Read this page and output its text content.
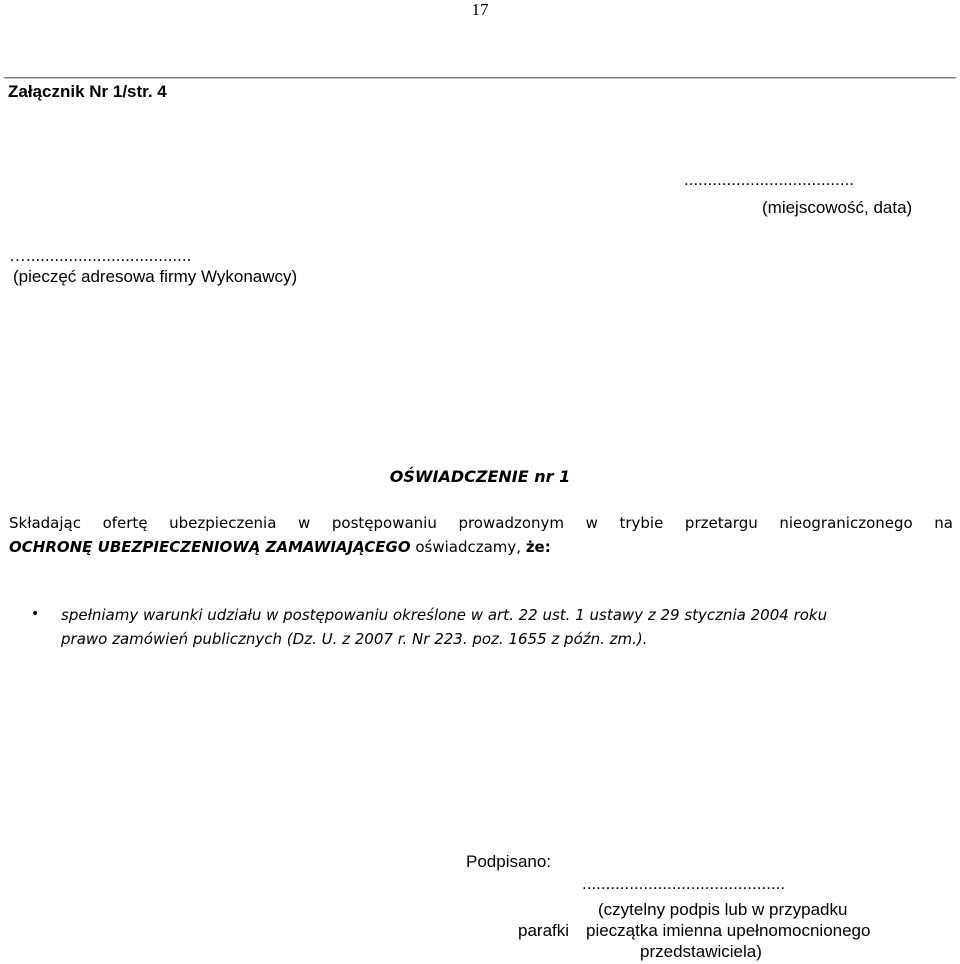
17
Załącznik Nr 1/str. 4
....................................
(miejscowość, data)
…...................................
(pieczęć adresowa firmy Wykonawcy)
OŚWIADCZENIE nr 1
Składając ofertę ubezpieczenia w postępowaniu prowadzonym w trybie przetargu nieograniczonego na
OCHRONĘ UBEZPIECZENIOWĄ ZAMAWIAJĄCEGO oświadczamy, że:
• spełniamy warunki udziału w postępowaniu określone w art. 22 ust. 1 ustawy z 29 stycznia 2004 roku
prawo zamówień publicznych (Dz. U. z 2007 r. Nr 223. poz. 1655 z późn. zm.).
Podpisano:
...........................................
(czytelny podpis lub w przypadku
parafki pieczątka imienna upełnomocnionego
przedstawiciela)
